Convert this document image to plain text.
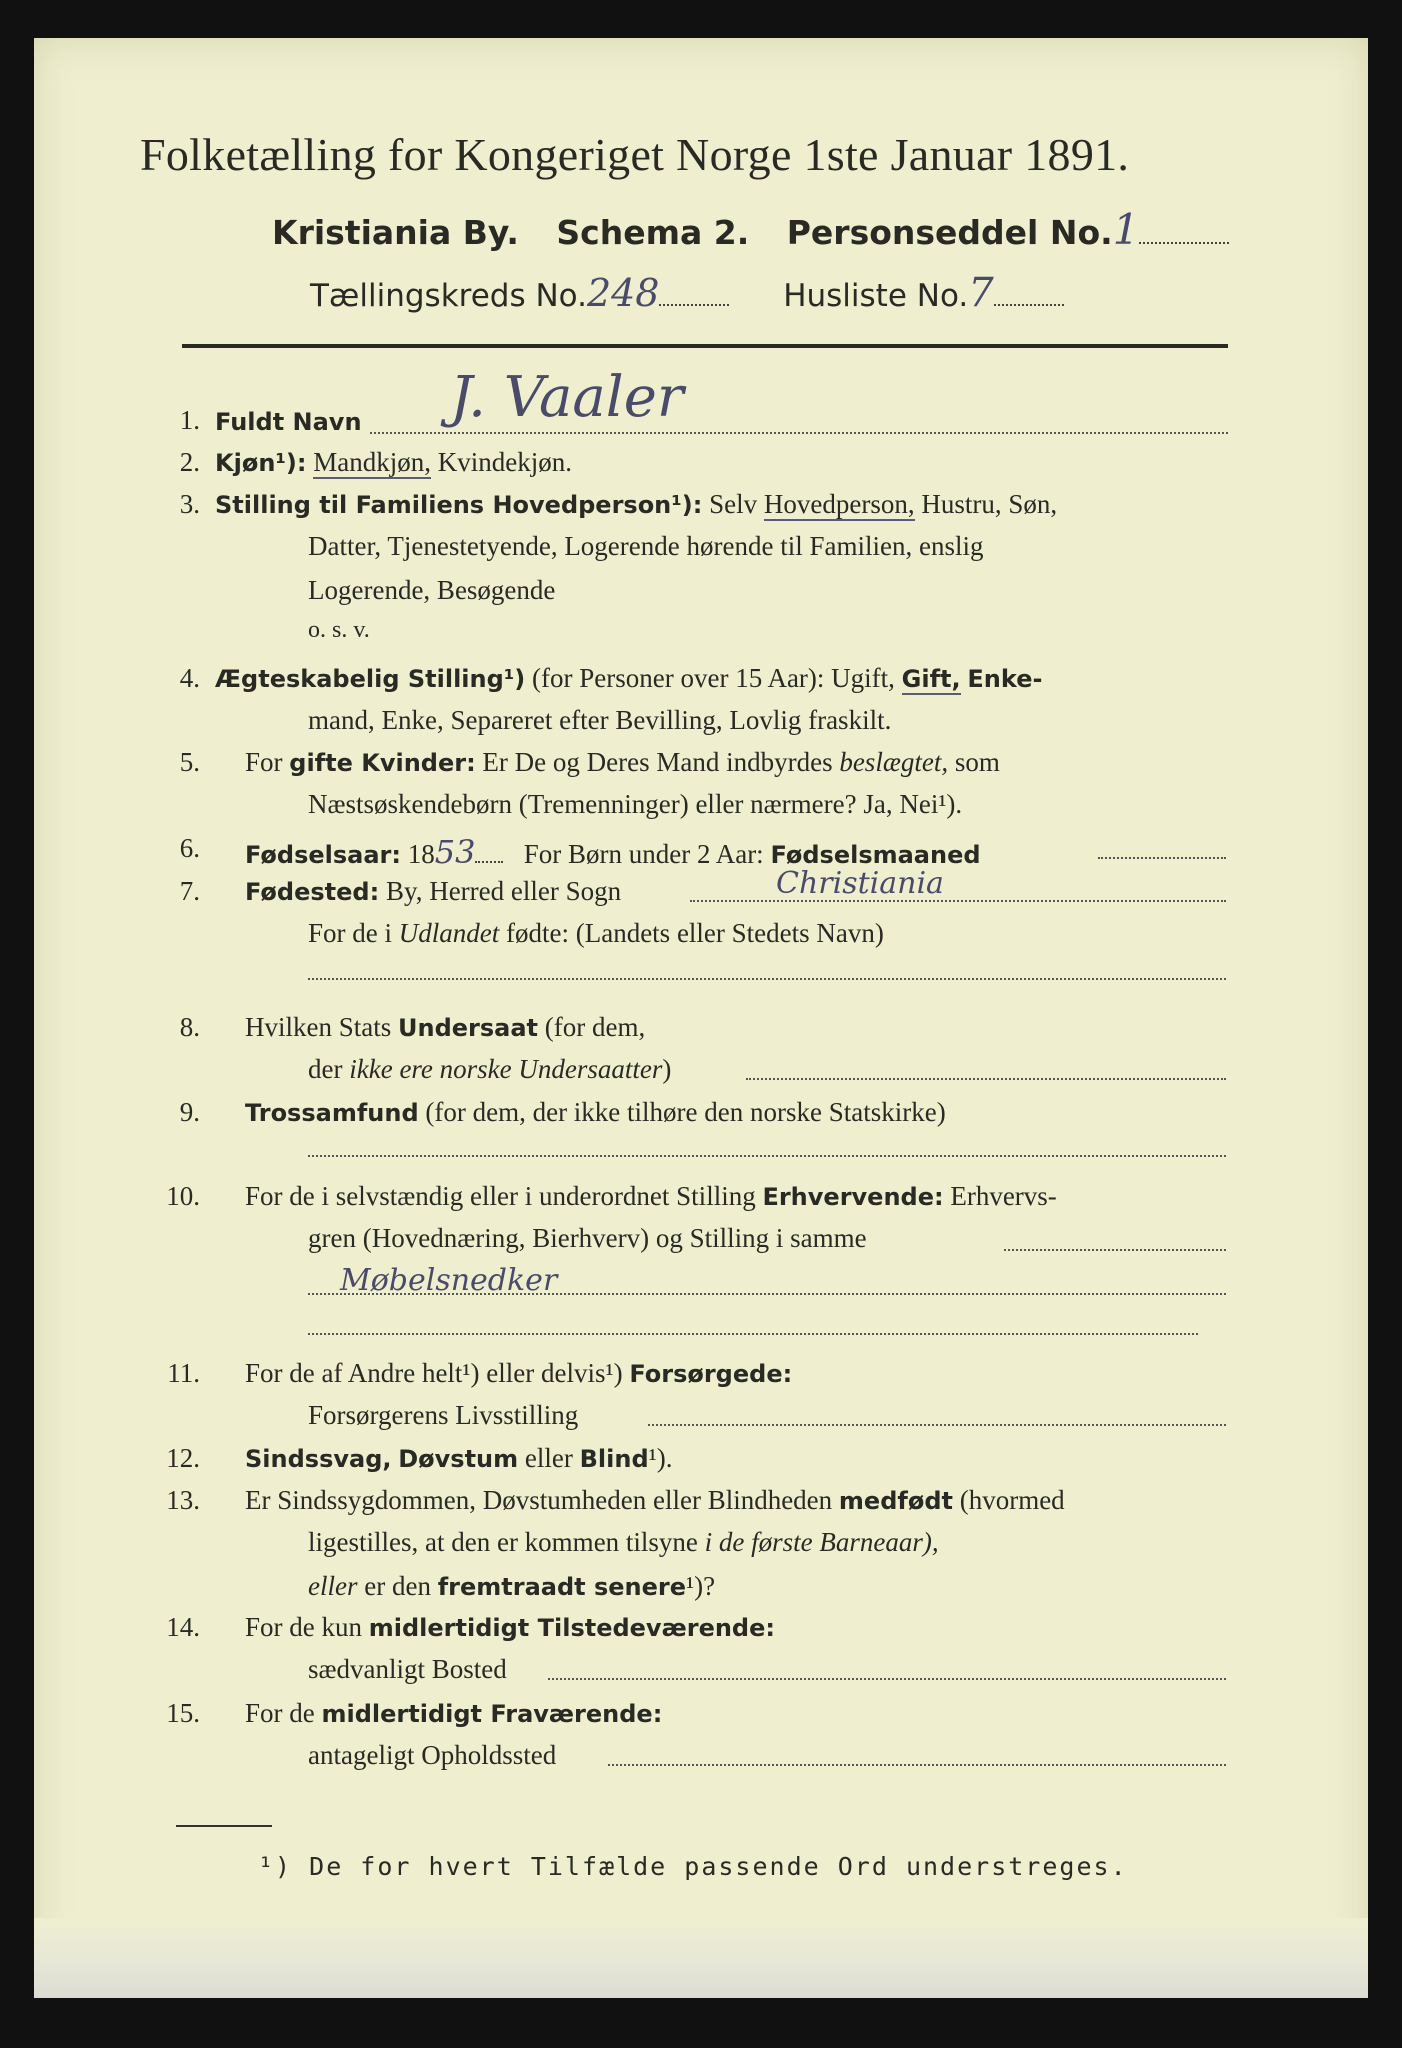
Folketælling for Kongeriget Norge 1ste Januar 1891.
Kristiania By. Schema 2. Personseddel No.1
Tællingskreds No.248	Husliste No.7
1. Fuldt Navn J. Vaaler
2. Kjøn¹): Mandkjøn, Kvindekjøn.
3. Stilling til Familiens Hovedperson¹): Selv Hovedperson, Hustru, Søn,
Datter, Tjenestetyende, Logerende hørende til Familien, enslig
Logerende, Besøgende
o. s. v.
4. Ægteskabelig Stilling¹) (for Personer over 15 Aar): Ugift, Gift, Enke-
mand, Enke, Separeret efter Bevilling, Lovlig fraskilt.
5. For gifte Kvinder: Er De og Deres Mand indbyrdes beslægtet, som
Næstsøskendebørn (Tremenninger) eller nærmere? Ja, Nei¹).
6. Fødselsaar: 1853 For Børn under 2 Aar: Fødselsmaaned
7. Fødested: By, Herred eller Sogn	Christiania
For de i Udlandet fødte: (Landets eller Stedets Navn)
8. Hvilken Stats Undersaat (for dem,
der ikke ere norske Undersaatter)
9. Trossamfund (for dem, der ikke tilhøre den norske Statskirke)
10. For de i selvstændig eller i underordnet Stilling Erhvervende: Erhvervs-
gren (Hovednæring, Bierhverv) og Stilling i samme
Møbelsnedker
11. For de af Andre helt¹) eller delvis¹) Forsørgede:
Forsørgerens Livsstilling
12. Sindssvag, Døvstum eller Blind¹).
13. Er Sindssygdommen, Døvstumheden eller Blindheden medfødt (hvormed
ligestilles, at den er kommen tilsyne i de første Barneaar),
eller er den fremtraadt senere¹)?
14. For de kun midlertidigt Tilstedeværende:
sædvanligt Bosted
15. For de midlertidigt Fraværende:
antageligt Opholdssted
¹) De for hvert Tilfælde passende Ord understreges.
